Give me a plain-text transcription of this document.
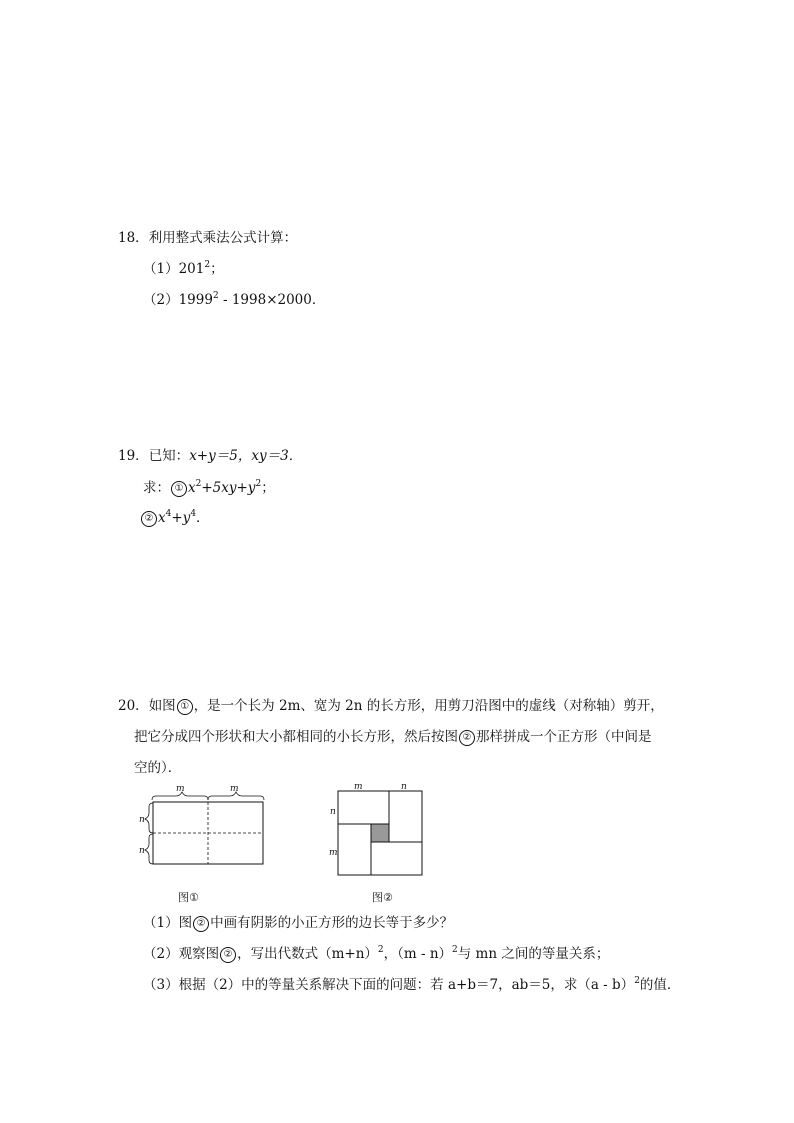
18．利用整式乘法公式计算：
$(1)201^2$；
（2）1999$^2$ - 1998×2000．
19．已知：x+y＝5，xy＝3．
求： ① $x^2+5xy+y^2$；
② $x^4+y^4$．
20．如图 ① ，是一个长为 2m、宽为 2n 的长方形，用剪刀沿图中的虚线（对称轴）剪开，
把它分成四个形状和大小都相同的小长方形，然后按图 ② 那样拼成一个正方形（中间是
空的）．
m	m
n
n
图①
m	n
n
m
图②
（1）图 ② 中画有阴影的小正方形的边长等于多少？
（2）观察图 ② ，写出代数式$(m+n)^2$，（m - n）$^2$与 mn 之间的等量关系；
（3）根据（2）中的等量关系解决下面的问题：若 a+b＝7，ab＝5，求（a - b）$^2$的值．
